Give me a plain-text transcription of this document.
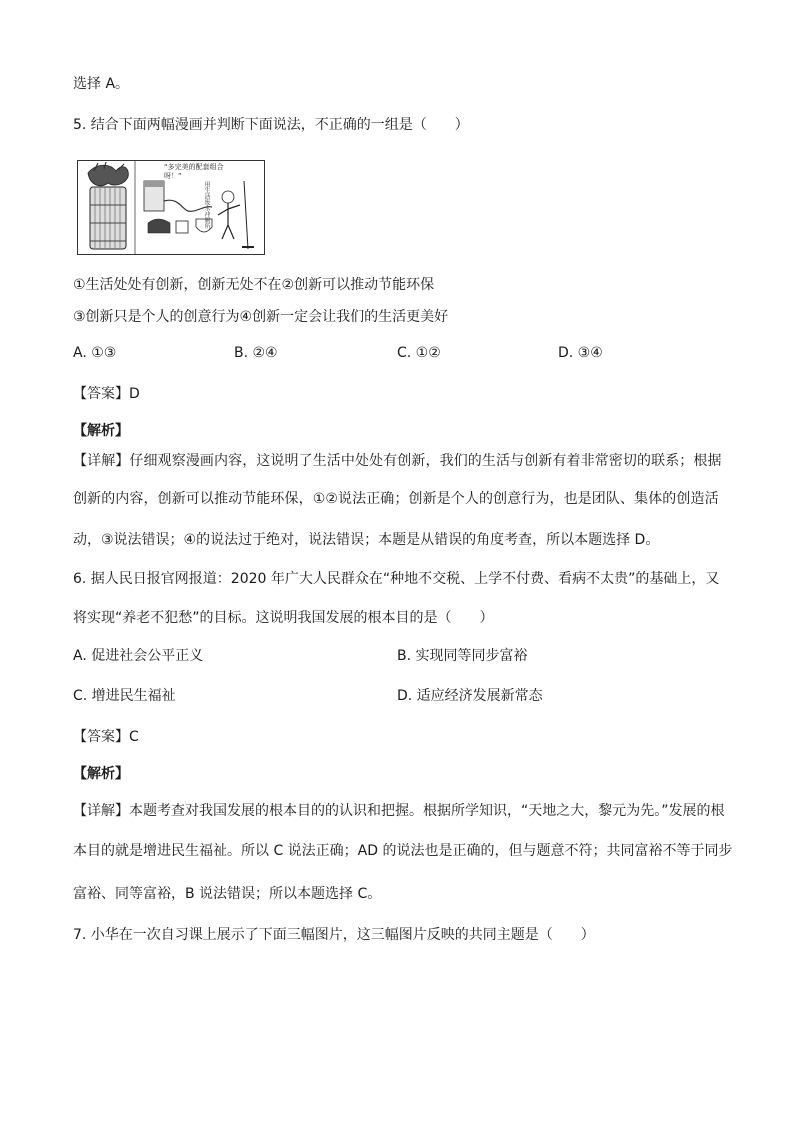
选择 A。
5. 结合下面两幅漫画并判断下面说法，不正确的一组是（　　）
“多完美的配套组合呀！”
用生活废水冲厕所
①生活处处有创新，创新无处不在②创新可以推动节能环保
③创新只是个人的创意行为④创新一定会让我们的生活更美好
A. ①③	B. ②④	C. ①②	D. ③④
【答案】D
【解析】
【详解】仔细观察漫画内容，这说明了生活中处处有创新，我们的生活与创新有着非常密切的联系；根据
创新的内容，创新可以推动节能环保，①②说法正确；创新是个人的创意行为，也是团队、集体的创造活
动，③说法错误；④的说法过于绝对，说法错误；本题是从错误的角度考查，所以本题选择 D。
6. 据人民日报官网报道：2020 年广大人民群众在“种地不交税、上学不付费、看病不太贵”的基础上，又
将实现“养老不犯愁”的目标。这说明我国发展的根本目的是（　　）
A. 促进社会公平正义	B. 实现同等同步富裕
C. 增进民生福祉	D. 适应经济发展新常态
【答案】C
【解析】
【详解】本题考查对我国发展的根本目的的认识和把握。根据所学知识，“天地之大，黎元为先。”发展的根
本目的就是增进民生福祉。所以 C 说法正确；AD 的说法也是正确的，但与题意不符；共同富裕不等于同步
富裕、同等富裕，B 说法错误；所以本题选择 C。
7. 小华在一次自习课上展示了下面三幅图片，这三幅图片反映的共同主题是（　　）
